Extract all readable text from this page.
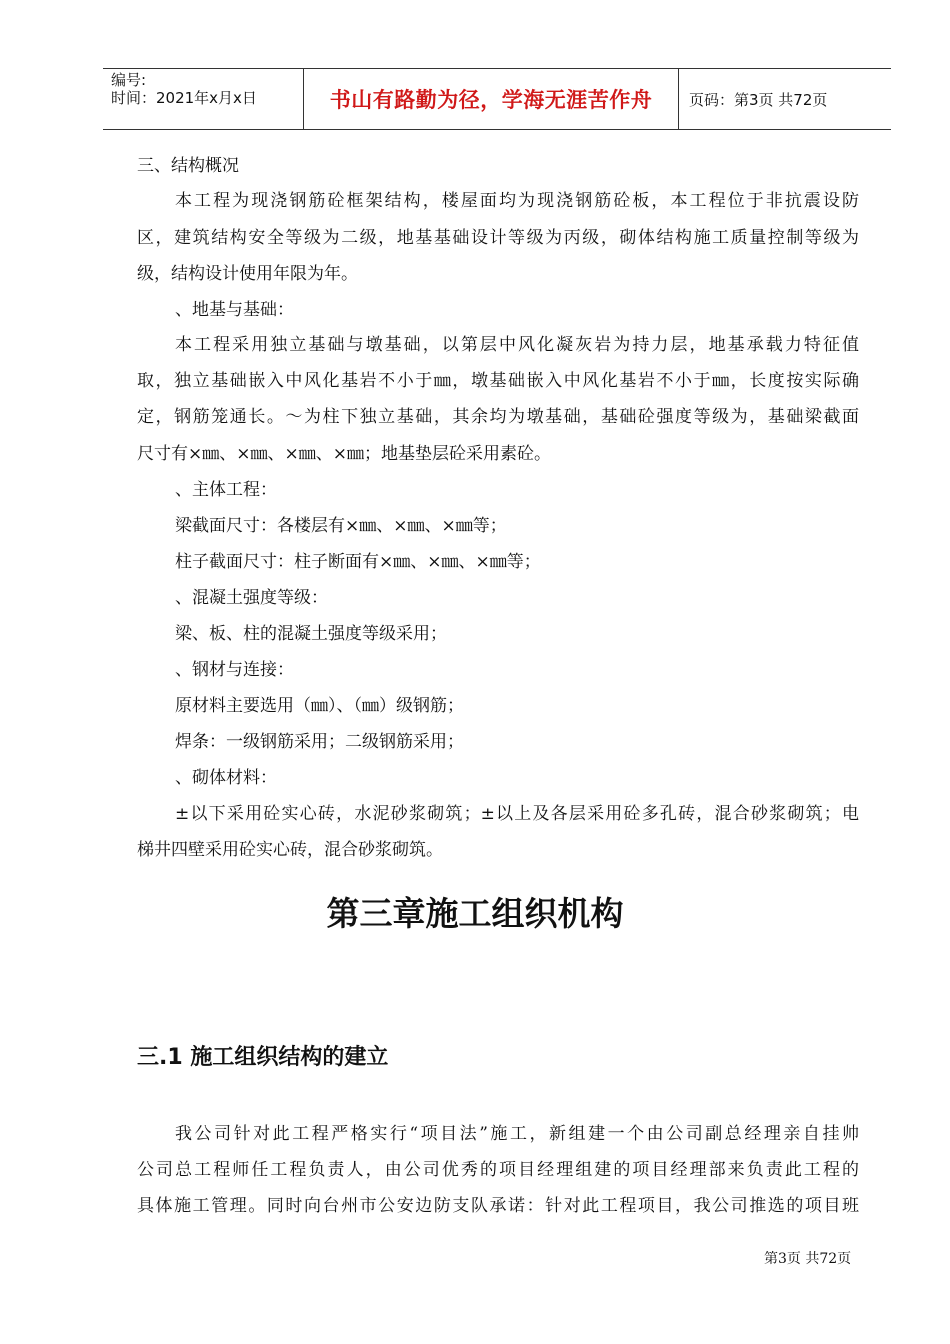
编号:
时间：2021年x月x日	书山有路勤为径，学海无涯苦作舟	页码：第3页 共72页
三、结构概况
本工程为现浇钢筋砼框架结构，楼屋面均为现浇钢筋砼板，本工程位于非抗震设防
区，建筑结构安全等级为二级，地基基础设计等级为丙级，砌体结构施工质量控制等级为
级，结构设计使用年限为年。
、地基与基础：
本工程采用独立基础与墩基础，以第层中风化凝灰岩为持力层，地基承载力特征值
取，独立基础嵌入中风化基岩不小于㎜，墩基础嵌入中风化基岩不小于㎜，长度按实际确
定，钢筋笼通长。～为柱下独立基础，其余均为墩基础，基础砼强度等级为，基础梁截面
尺寸有×㎜、×㎜、×㎜、×㎜；地基垫层砼采用素砼。
、主体工程：
梁截面尺寸：各楼层有×㎜、×㎜、×㎜等；
柱子截面尺寸：柱子断面有×㎜、×㎜、×㎜等；
、混凝土强度等级：
梁、板、柱的混凝土强度等级采用；
、钢材与连接：
原材料主要选用（㎜）、（㎜）级钢筋；
焊条：一级钢筋采用；二级钢筋采用；
、砌体材料：
±以下采用砼实心砖，水泥砂浆砌筑；±以上及各层采用砼多孔砖，混合砂浆砌筑；电
梯井四壁采用砼实心砖，混合砂浆砌筑。
第三章施工组织机构
三.1 施工组织结构的建立
我公司针对此工程严格实行“项目法”施工，新组建一个由公司副总经理亲自挂帅
公司总工程师任工程负责人，由公司优秀的项目经理组建的项目经理部来负责此工程的
具体施工管理。同时向台州市公安边防支队承诺：针对此工程项目，我公司推选的项目班
第3页 共72页
